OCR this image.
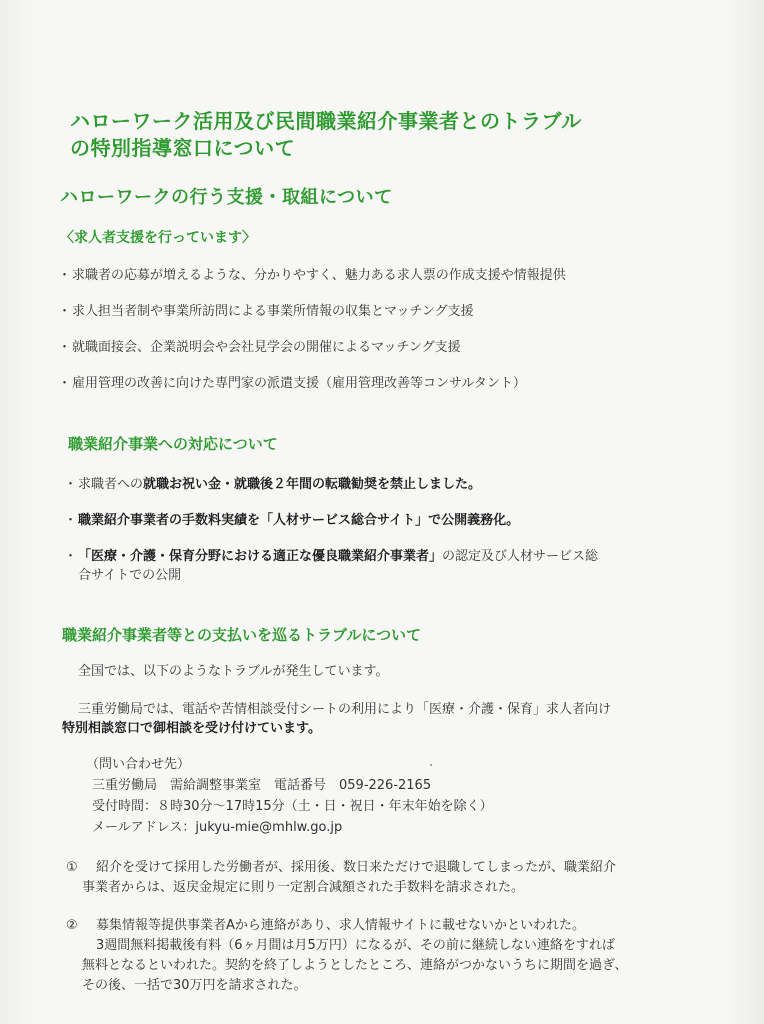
ハローワーク活用及び民間職業紹介事業者とのトラブル
の特別指導窓口について
ハローワークの行う支援・取組について
〈求人者支援を行っています〉
・求職者の応募が増えるような、分かりやすく、魅力ある求人票の作成支援や情報提供
・求人担当者制や事業所訪問による事業所情報の収集とマッチング支援
・就職面接会、企業説明会や会社見学会の開催によるマッチング支援
・雇用管理の改善に向けた専門家の派遣支援（雇用管理改善等コンサルタント）
職業紹介事業への対応について
・求職者への就職お祝い金・就職後２年間の転職勧奨を禁止しました。
・職業紹介事業者の手数料実績を「人材サービス総合サイト」で公開義務化。
・「医療・介護・保育分野における適正な優良職業紹介事業者」の認定及び人材サービス総
合サイトでの公開
職業紹介事業者等との支払いを巡るトラブルについて
全国では、以下のようなトラブルが発生しています。
三重労働局では、電話や苦情相談受付シートの利用により「医療・介護・保育」求人者向け
特別相談窓口で御相談を受け付けています。
（問い合わせ先）
三重労働局　需給調整事業室　電話番号　059-226-2165
受付時間：８時30分～17時15分（土・日・祝日・年末年始を除く）
メールアドレス：jukyu-mie@mhlw.go.jp
① 紹介を受けて採用した労働者が、採用後、数日来ただけで退職してしまったが、職業紹介
事業者からは、返戻金規定に則り一定割合減額された手数料を請求された。
② 募集情報等提供事業者Aから連絡があり、求人情報サイトに載せないかといわれた。
3週間無料掲載後有料（6ヶ月間は月5万円）になるが、その前に継続しない連絡をすれば
無料となるといわれた。契約を終了しようとしたところ、連絡がつかないうちに期間を過ぎ、
その後、一括で30万円を請求された。
